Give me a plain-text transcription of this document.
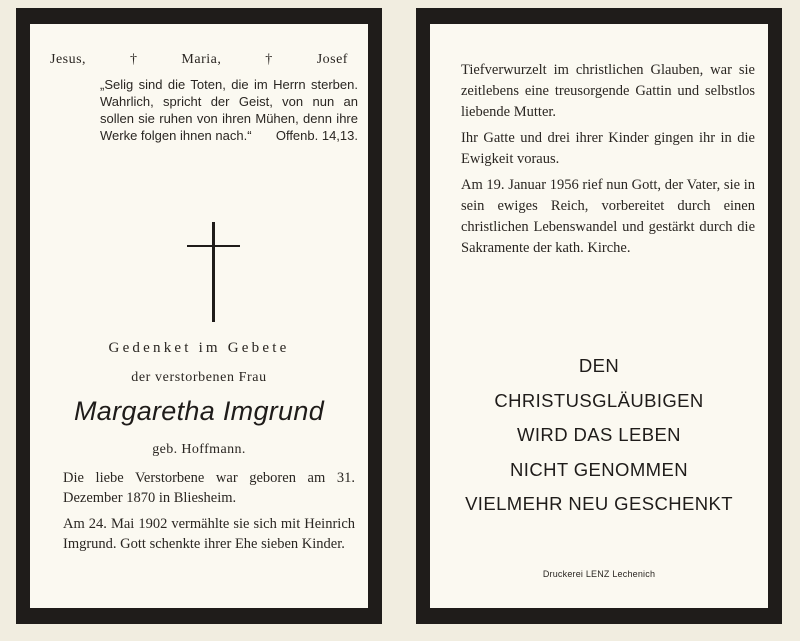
Jesus,	†	Maria,	†	Josef
„Selig sind die Toten, die im Herrn sterben. Wahrlich, spricht der Geist, von nun an sollen sie ruhen von ihren Mühen, denn ihre Werke folgen ihnen nach.“ Offenb. 14,13.
Gedenket im Gebete
der verstorbenen Frau
Margaretha Imgrund
geb. Hoffmann.
Die liebe Verstorbene war geboren am 31. Dezember 1870 in Bliesheim.
Am 24. Mai 1902 vermählte sie sich mit Heinrich Imgrund. Gott schenkte ihrer Ehe sieben Kinder.

Tiefverwurzelt im christlichen Glauben, war sie zeitlebens eine treusorgende Gattin und selbstlos liebende Mutter.

Ihr Gatte und drei ihrer Kinder gingen ihr in die Ewigkeit voraus.

Am 19. Januar 1956 rief nun Gott, der Vater, sie in sein ewiges Reich, vorbereitet durch einen christlichen Lebenswandel und gestärkt durch die Sakramente der kath. Kirche.

DEN
CHRISTUSGLÄUBIGEN
WIRD DAS LEBEN
NICHT GENOMMEN
VIELMEHR NEU GESCHENKT
Druckerei LENZ Lechenich
